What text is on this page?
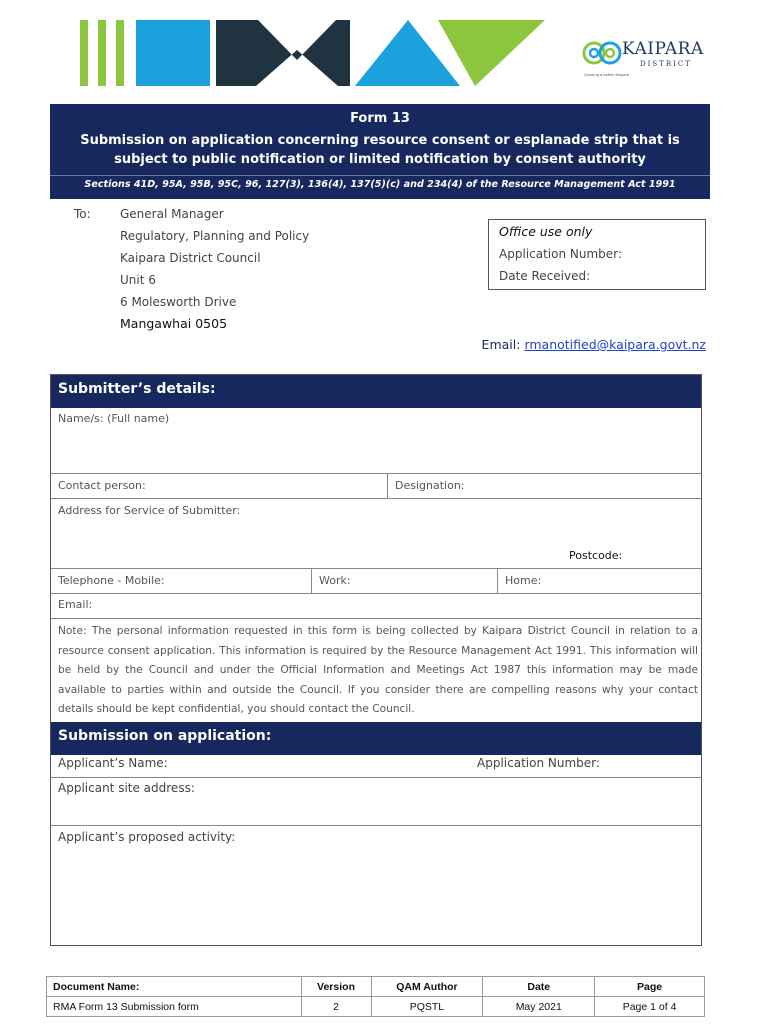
KAIPARA
DISTRICT
Growing a better Kaipara
Form 13
Submission on application concerning resource consent or esplanade strip that is subject to public notification or limited notification by consent authority
Sections 41D, 95A, 95B, 95C, 96, 127(3), 136(4), 137(5)(c) and 234(4) of the Resource Management Act 1991
To: General Manager
Regulatory, Planning and Policy
Kaipara District Council
Unit 6
6 Molesworth Drive
Mangawhai 0505
Office use only
Application Number:
Date Received:
Email: rmanotified@kaipara.govt.nz
Submitter’s details:
Name/s: (Full name)
Contact person:	Designation:
Address for Service of Submitter:
Postcode:
Telephone - Mobile:	Work:	Home:
Email:
Note: The personal information requested in this form is being collected by Kaipara District Council in relation to a resource consent application. This information is required by the Resource Management Act 1991. This information will be held by the Council and under the Official Information and Meetings Act 1987 this information may be made available to parties within and outside the Council. If you consider there are compelling reasons why your contact details should be kept confidential, you should contact the Council.
Submission on application:
Applicant’s Name:	Application Number:
Applicant site address:
Applicant’s proposed activity:
Document Name:	Version	QAM Author	Date	Page
RMA Form 13 Submission form	2	PQSTL	May 2021	Page 1 of 4
